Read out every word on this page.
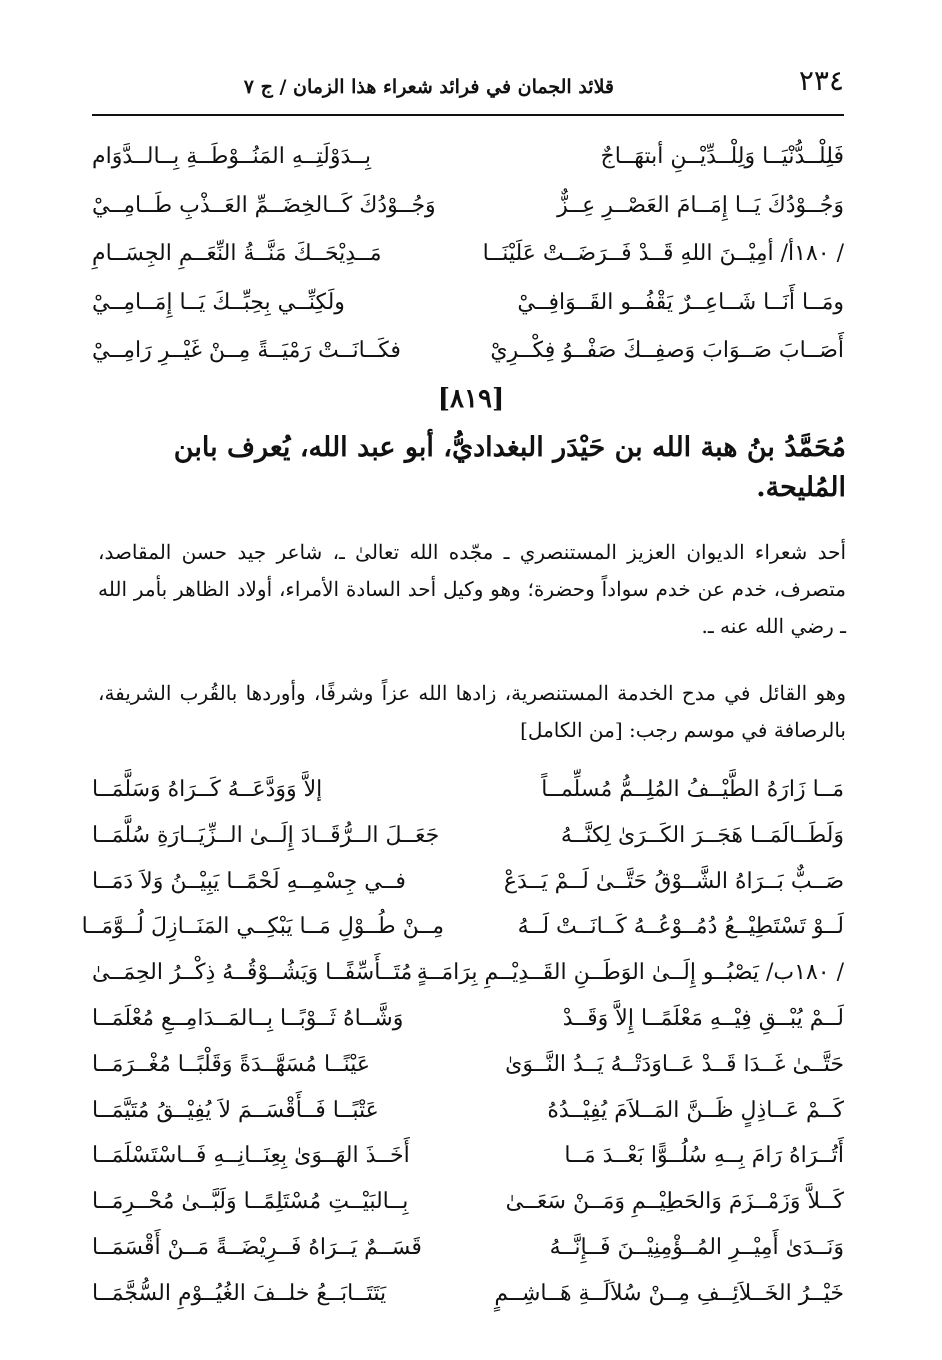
٢٣٤
قلائد الجمان في فرائد شعراء هذا الزمان / ج ٧
فَلِلْــدُّنْيَــا وَلِلْــدِّيْــنِ أبتهَــاجٌ
بِــدَوْلَتِــهِ المَنُــوْطَــةِ بِــالــدَّوَام
وَجُــوْدُكَ يَــا إِمَــامَ العَصْــرِ عِــزٌّ
وَجُــوْدُكَ كَــالخِضَــمِّ العَــذْبِ طَــامِــيْ
/ ١٨٠أ/ أمِيْــنَ اللهِ قَــدْ فَــرَضَــتْ عَلَيْنَــا
مَــدِيْحَــكَ مَنَّــةُ النِّعَــمِ الجِسَــامِ
ومَــا أَنَــا شَــاعِــرٌ يَقْفُــو القَــوَافِــيْ
ولَكِنِّــي بِحِبِّــكَ يَــا إِمَــامِــيْ
أَصَــابَ صَــوَابَ وَصفِــكَ صَفْــوُ فِكْــرِيْ
فكَــانَــتْ رَمْيَــةً مِــنْ غَيْــرِ رَامِــيْ
[٨١٩]
مُحَمَّدُ بنُ هبة الله بن حَيْدَر البغداديُّ، أبو عبد الله، يُعرف بابن المُليحة.
أحد شعراء الديوان العزيز المستنصري ـ مجّده الله تعالىٰ ـ، شاعر جيد حسن المقاصد، متصرف، خدم عن خدم سواداً وحضرة؛ وهو وكيل أحد السادة الأمراء، أولاد الظاهر بأمر الله ـ رضي الله عنه ـ.
وهو القائل في مدح الخدمة المستنصرية، زادها الله عزاً وشرفًا، وأوردها بالقُرب الشريفة، بالرصافة في موسم رجب: [من الكامل]
مَــا زَارَهُ الطَّيْــفُ المُلِــمُّ مُسلِّمــاً
إلاَّ وَوَدَّعَــهُ كَــرَاهُ وَسَلَّمَــا
وَلَطَــالَمَــا هَجَــرَ الكَــرَىٰ لِكنَّــهُ
جَعَــلَ الــرُّقَــادَ إِلَــىٰ الــزِّيَــارَةِ سُلَّمَــا
صَــبٌّ بَــرَاهُ الشَّــوْقُ حَتَّــىٰ لَــمْ يَــدَعْ
فــي جِسْمِــهِ لَحْمًــا يَبِيْــنُ وَلاَ دَمَــا
لَــوْ تَسْتَطِيْــعُ دُمُــوْعُــهُ كَــانَــتْ لَــهُ
مِــنْ طُــوْلِ مَــا يَبْكِــي المَنَــازِلَ لُــوَّمَــا
/ ١٨٠ب/ يَصْبُــو إِلَــىٰ الوَطَــنِ القَــدِيْــمِ بِرَامَــةٍ
مُتَــأَسِّفًــا وَيَشُــوْقُــهُ ذِكْــرُ الحِمَــىٰ
لَــمْ يُبْــقِ فِيْــهِ مَعْلَمًــا إِلاَّ وَقَــدْ
وَشَّــاهُ ثَــوْبًــا بِــالمَــدَامِــعِ مُعْلَمَــا
حَتَّــىٰ غَــدَا قَــدْ عَــاوَدَتْــهُ يَــدُ النَّــوَىٰ
عَيْنًــا مُسَهَّــدَةً وَقَلْبًــا مُغْــرَمَــا
كَــمْ عَــاذِلٍ ظَــنَّ المَــلاَمَ يُفِيْــدُهُ
عَتْبًــا فَــأَقْسَــمَ لاَ يُفِيْــقُ مُتَيَّمَــا
أَتُــرَاهُ رَامَ بِــهِ سُلُــوًّا بَعْــدَ مَــا
أَخَــذَ الهَــوَىٰ بِعِنَــانِــهِ فَــاسْتَسْلَمَــا
كَــلاَّ وَزَمْــزَمَ وَالحَطِيْــمِ وَمَــنْ سَعَــىٰ
بِــالبَيْــتِ مُسْتَلِمًــا وَلَبَّــىٰ مُحْــرِمَــا
وَنَــدَىٰ أَمِيْــرِ المُــؤْمِنِيْــنَ فَــإِنَّــهُ
قَسَــمٌ يَــرَاهُ فَــرِيْضَــةً مَــنْ أَقْسَمَــا
خَيْــرُ الخَــلاَئِــفِ مِــنْ سُلاَلَــةِ هَــاشِــمٍ
يَتَتَــابَــعُ خلــفَ الغُيُــوْمِ السُّجَّمَــا
